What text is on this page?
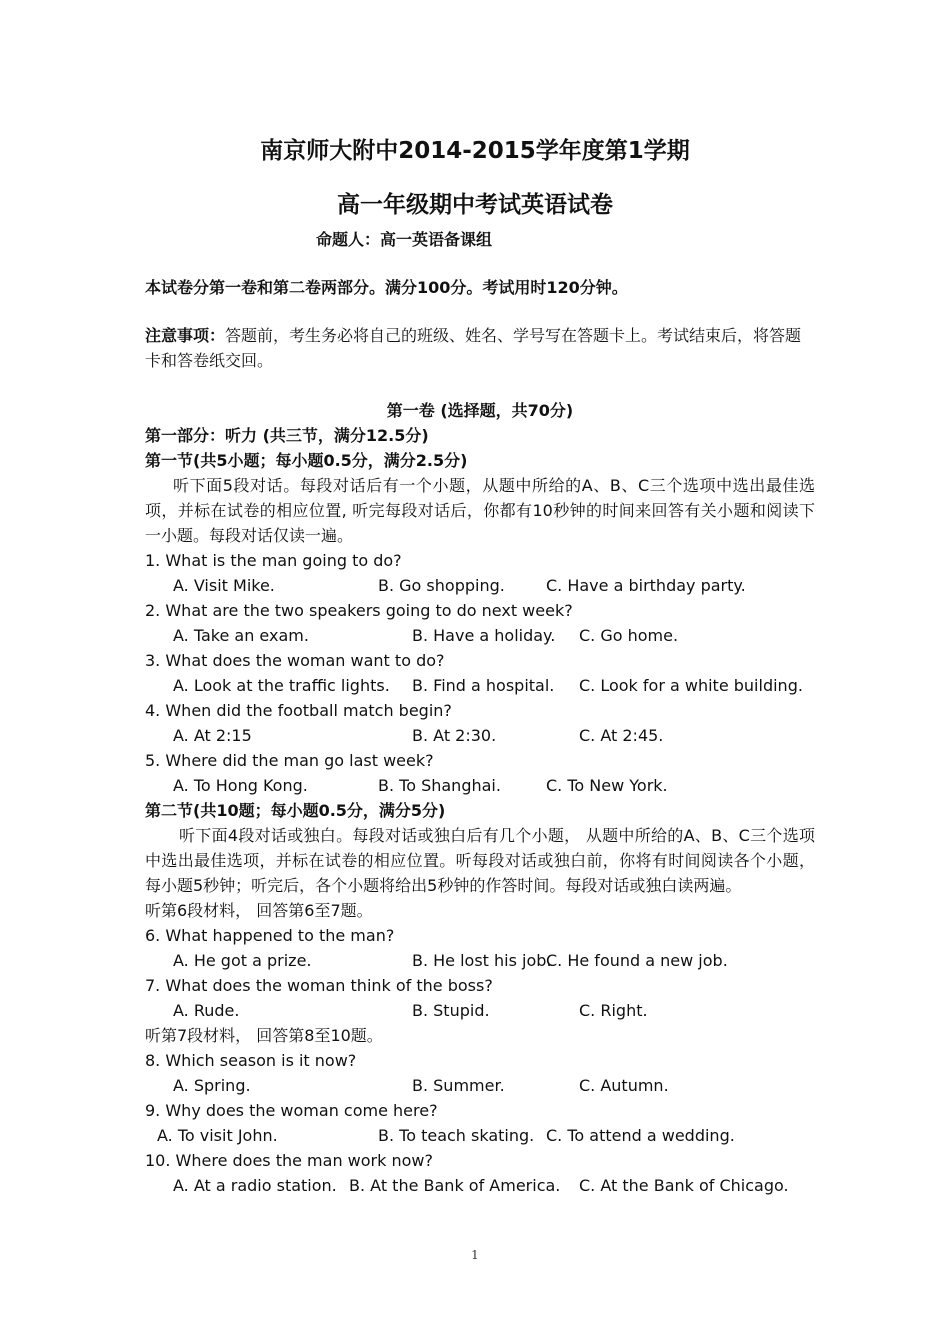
南京师大附中2014-2015学年度第1学期
高一年级期中考试英语试卷
命题人：高一英语备课组
本试卷分第一卷和第二卷两部分。满分100分。考试用时120分钟。
注意事项：答题前，考生务必将自己的班级、姓名、学号写在答题卡上。考试结束后，将答题卡和答卷纸交回。
第一卷 (选择题，共70分)
第一部分：听力 (共三节，满分12.5分)
第一节(共5小题；每小题0.5分，满分2.5分)
听下面5段对话。每段对话后有一个小题，从题中所给的A、B、C三个选项中选出最佳选项，并标在试卷的相应位置, 听完每段对话后，你都有10秒钟的时间来回答有关小题和阅读下一小题。每段对话仅读一遍。
1. What is the man going to do?
A. Visit Mike.	B. Go shopping.	C. Have a birthday party.
2. What are the two speakers going to do next week?
A. Take an exam.	B. Have a holiday. C. Go home.
3. What does the woman want to do?
A. Look at the traffic lights. B. Find a hospital. C. Look for a white building.
4. When did the football match begin?
A. At 2:15	B. At 2:30.	C. At 2:45.
5. Where did the man go last week?
A. To Hong Kong.	B. To Shanghai.	C. To New York.
第二节(共10题；每小题0.5分，满分5分)
听下面4段对话或独白。每段对话或独白后有几个小题， 从题中所给的A、B、C三个选项中选出最佳选项，并标在试卷的相应位置。听每段对话或独白前，你将有时间阅读各个小题，每小题5秒钟；听完后，各个小题将给出5秒钟的作答时间。每段对话或独白读两遍。
听第6段材料， 回答第6至7题。
6. What happened to the man?
A. He got a prize.	B. He lost his job.
C. He found a new job.
7. What does the woman think of the boss?
A. Rude.	B. Stupid.	C. Right.
听第7段材料， 回答第8至10题。
8. Which season is it now?
A. Spring.	B. Summer.	C. Autumn.
9. Why does the woman come here?
A. To visit John.	B. To teach skating. C. To attend a wedding.
10. Where does the man work now?
A. At a radio station. B. At the Bank of America. C. At the Bank of Chicago.
1
